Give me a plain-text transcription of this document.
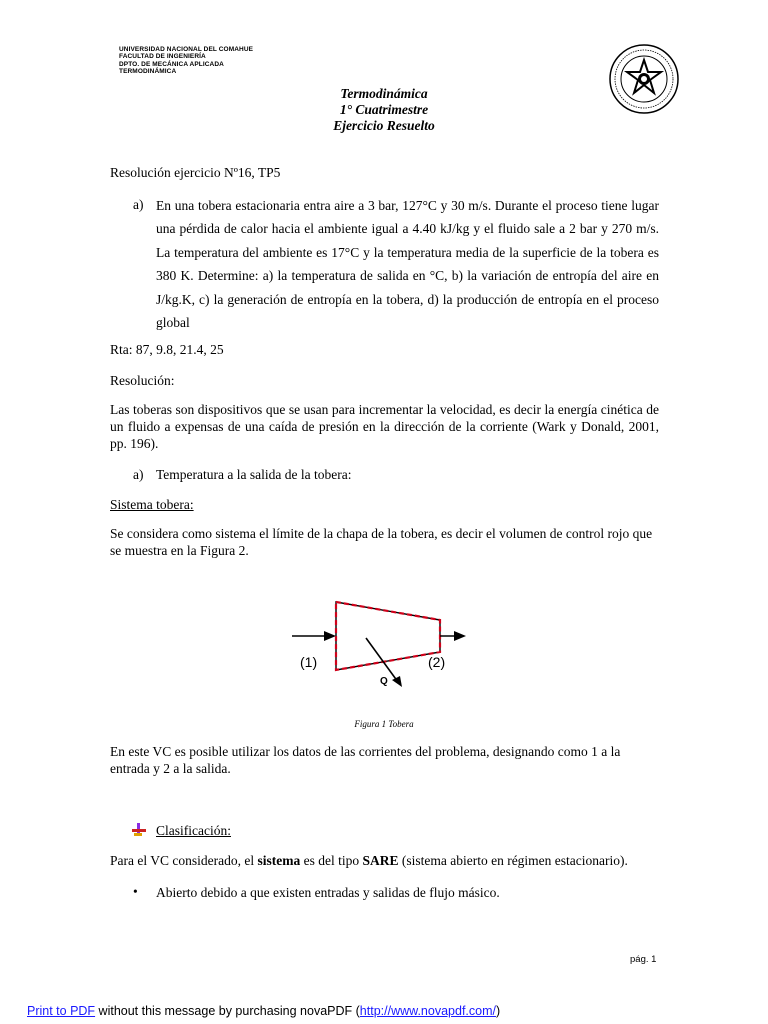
UNIVERSIDAD NACIONAL DEL COMAHUE
FACULTAD DE INGENIERÍA
DPTO. DE MECÁNICA APLICADA
TERMODINÁMICA
Termodinámica
1° Cuatrimestre
Ejercicio Resuelto
Resolución ejercicio Nº16, TP5
a) En una tobera estacionaria entra aire a 3 bar, 127°C y 30 m/s. Durante el proceso tiene lugar una pérdida de calor hacia el ambiente igual a 4.40 kJ/kg y el fluido sale a 2 bar y 270 m/s. La temperatura del ambiente es 17°C y la temperatura media de la superficie de la tobera es 380 K. Determine: a) la temperatura de salida en °C, b) la variación de entropía del aire en J/kg.K, c) la generación de entropía en la tobera, d) la producción de entropía en el proceso global
Rta: 87, 9.8, 21.4, 25
Resolución:
Las toberas son dispositivos que se usan para incrementar la velocidad, es decir la energía cinética de un fluido a expensas de una caída de presión en la dirección de la corriente (Wark y Donald, 2001, pp. 196).
a) Temperatura a la salida de la tobera:
Sistema tobera:
Se considera como sistema el límite de la chapa de la tobera, es decir el volumen de control rojo que se muestra en la Figura 2.
(1)	(2)
Q
Figura 1 Tobera
En este VC es posible utilizar los datos de las corrientes del problema, designando como 1 a la entrada y 2 a la salida.
Clasificación:
Para el VC considerado, el sistema es del tipo SARE (sistema abierto en régimen estacionario).
• Abierto debido a que existen entradas y salidas de flujo másico.
pág. 1
Print to PDF without this message by purchasing novaPDF (http://www.novapdf.com/)
